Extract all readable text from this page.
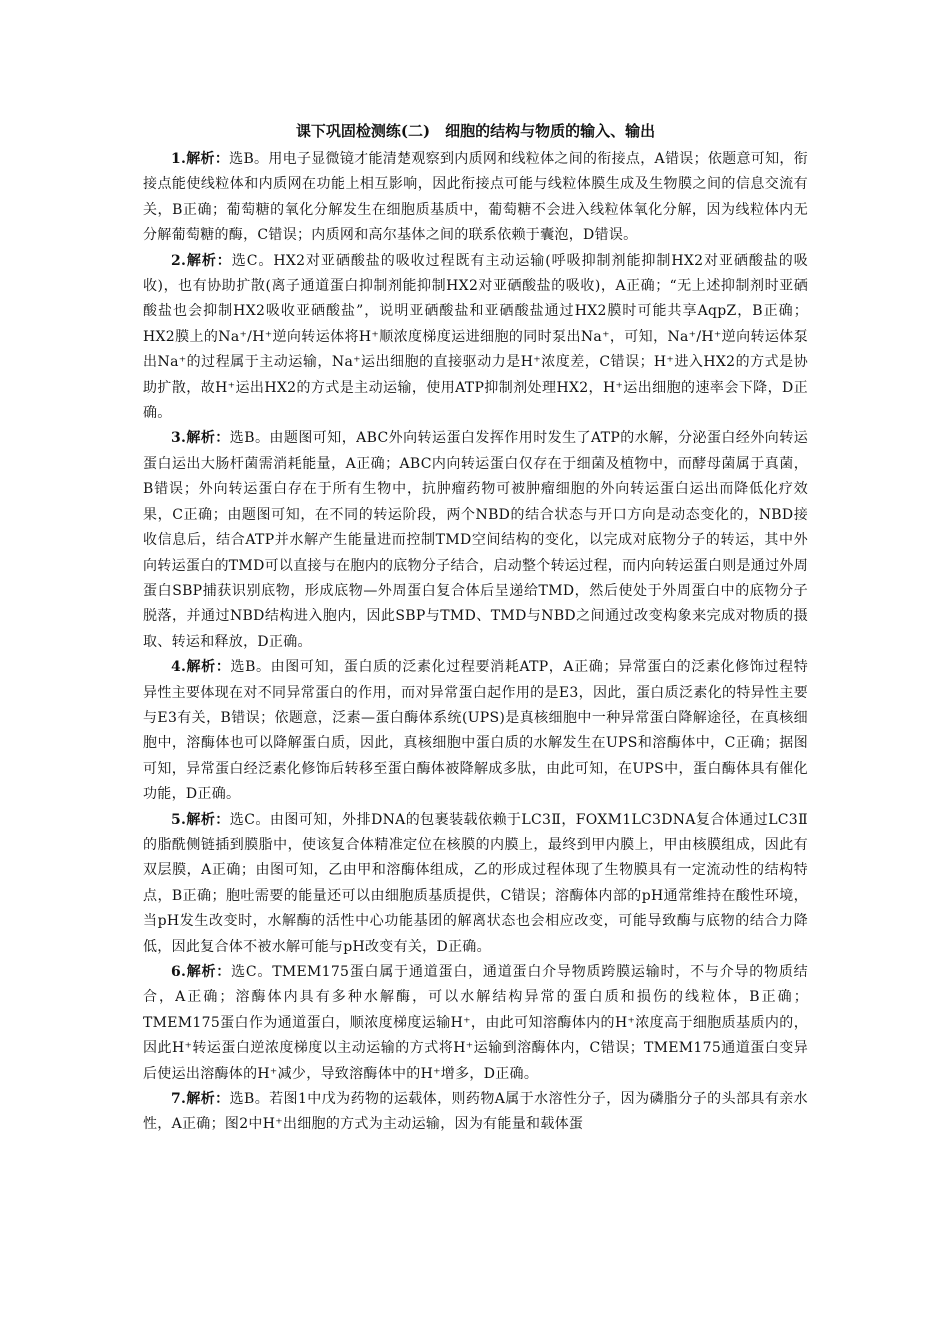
课下巩固检测练(二)　细胞的结构与物质的输入、输出

1.解析：选B。用电子显微镜才能清楚观察到内质网和线粒体之间的衔接点，A错误；依题意可知，衔接点能使线粒体和内质网在功能上相互影响，因此衔接点可能与线粒体膜生成及生物膜之间的信息交流有关，B正确；葡萄糖的氧化分解发生在细胞质基质中，葡萄糖不会进入线粒体氧化分解，因为线粒体内无分解葡萄糖的酶，C错误；内质网和高尔基体之间的联系依赖于囊泡，D错误。

2.解析：选C。HX2对亚硒酸盐的吸收过程既有主动运输(呼吸抑制剂能抑制HX2对亚硒酸盐的吸收)，也有协助扩散(离子通道蛋白抑制剂能抑制HX2对亚硒酸盐的吸收)，A正确；“无上述抑制剂时亚硒酸盐也会抑制HX2吸收亚硒酸盐”，说明亚硒酸盐和亚硒酸盐通过HX2膜时可能共享AqpZ，B正确；HX2膜上的Na⁺/H⁺逆向转运体将H⁺顺浓度梯度运进细胞的同时泵出Na⁺，可知，Na⁺/H⁺逆向转运体泵出Na⁺的过程属于主动运输，Na⁺运出细胞的直接驱动力是H⁺浓度差，C错误；H⁺进入HX2的方式是协助扩散，故H⁺运出HX2的方式是主动运输，使用ATP抑制剂处理HX2，H⁺运出细胞的速率会下降，D正确。

3.解析：选B。由题图可知，ABC外向转运蛋白发挥作用时发生了ATP的水解，分泌蛋白经外向转运蛋白运出大肠杆菌需消耗能量，A正确；ABC内向转运蛋白仅存在于细菌及植物中，而酵母菌属于真菌，B错误；外向转运蛋白存在于所有生物中，抗肿瘤药物可被肿瘤细胞的外向转运蛋白运出而降低化疗效果，C正确；由题图可知，在不同的转运阶段，两个NBD的结合状态与开口方向是动态变化的，NBD接收信息后，结合ATP并水解产生能量进而控制TMD空间结构的变化，以完成对底物分子的转运，其中外向转运蛋白的TMD可以直接与在胞内的底物分子结合，启动整个转运过程，而内向转运蛋白则是通过外周蛋白SBP捕获识别底物，形成底物—外周蛋白复合体后呈递给TMD，然后使处于外周蛋白中的底物分子脱落，并通过NBD结构进入胞内，因此SBP与TMD、TMD与NBD之间通过改变构象来完成对物质的摄取、转运和释放，D正确。

4.解析：选B。由图可知，蛋白质的泛素化过程要消耗ATP，A正确；异常蛋白的泛素化修饰过程特异性主要体现在对不同异常蛋白的作用，而对异常蛋白起作用的是E3，因此，蛋白质泛素化的特异性主要与E3有关，B错误；依题意，泛素—蛋白酶体系统(UPS)是真核细胞中一种异常蛋白降解途径，在真核细胞中，溶酶体也可以降解蛋白质，因此，真核细胞中蛋白质的水解发生在UPS和溶酶体中，C正确；据图可知，异常蛋白经泛素化修饰后转移至蛋白酶体被降解成多肽，由此可知，在UPS中，蛋白酶体具有催化功能，D正确。

5.解析：选C。由图可知，外排DNA的包裹装载依赖于LC3Ⅱ，FOXM1LC3DNA复合体通过LC3Ⅱ的脂酰侧链插到膜脂中，使该复合体精准定位在核膜的内膜上，最终到甲内膜上，甲由核膜组成，因此有双层膜，A正确；由图可知，乙由甲和溶酶体组成，乙的形成过程体现了生物膜具有一定流动性的结构特点，B正确；胞吐需要的能量还可以由细胞质基质提供，C错误；溶酶体内部的pH通常维持在酸性环境，当pH发生改变时，水解酶的活性中心功能基团的解离状态也会相应改变，可能导致酶与底物的结合力降低，因此复合体不被水解可能与pH改变有关，D正确。

6.解析：选C。TMEM175蛋白属于通道蛋白，通道蛋白介导物质跨膜运输时，不与介导的物质结合，A正确；溶酶体内具有多种水解酶，可以水解结构异常的蛋白质和损伤的线粒体，B正确；TMEM175蛋白作为通道蛋白，顺浓度梯度运输H⁺，由此可知溶酶体内的H⁺浓度高于细胞质基质内的，因此H⁺转运蛋白逆浓度梯度以主动运输的方式将H⁺运输到溶酶体内，C错误；TMEM175通道蛋白变异后使运出溶酶体的H⁺减少，导致溶酶体中的H⁺增多，D正确。

7.解析：选B。若图1中戊为药物的运载体，则药物A属于水溶性分子，因为磷脂分子的头部具有亲水性，A正确；图2中H⁺出细胞的方式为主动运输，因为有能量和载体蛋
